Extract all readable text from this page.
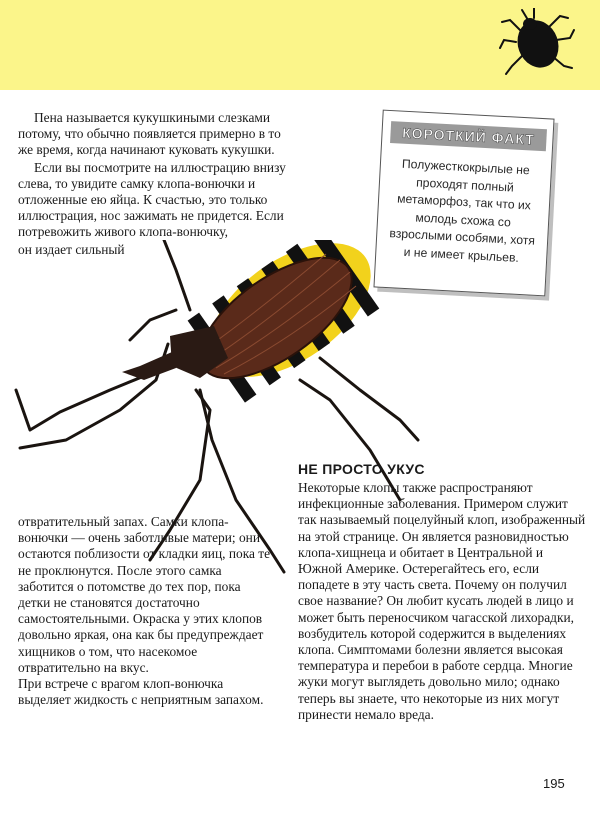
Пена называется кукушкиными слезками потому, что обычно появляется примерно в то же время, когда начинают куковать кукушки.

Если вы посмотрите на иллюстрацию внизу слева, то увидите самку клопа-вонючки и отложенные ею яйца. К счастью, это только иллюстрация, нос зажимать не придется. Если потревожить живого клопа-вонючку,

он издает сильный

КОРОТКИЙ ФАКТ
Полужесткокрылые не проходят полный метаморфоз, так что их молодь схожа со взрослыми особями, хотя и не имеет крыльев.

отвратительный запах. Самки клопа-вонючки — очень заботливые матери; они остаются поблизости от кладки яиц, пока те не проклюнутся. После этого самка заботится о потомстве до тех пор, пока детки не становятся достаточно самостоятельными. Окраска у этих клопов довольно яркая, она как бы предупреждает хищников о том, что насекомое отвратительно на вкус.

При встрече с врагом клоп-вонючка выделяет жидкость с неприятным запахом.

НЕ ПРОСТО УКУС

Некоторые клопы также распространяют инфекционные заболевания. Примером служит так называемый поцелуйный клоп, изображенный на этой странице. Он является разновидностью клопа-хищнеца и обитает в Центральной и Южной Америке. Остерегайтесь его, если попадете в эту часть света. Почему он получил свое название? Он любит кусать людей в лицо и может быть переносчиком чагасской лихорадки, возбудитель которой содержится в выделениях клопа. Симптомами болезни является высокая температура и перебои в работе сердца. Многие жуки могут выглядеть довольно мило; однако теперь вы знаете, что некоторые из них могут принести немало вреда.

195
